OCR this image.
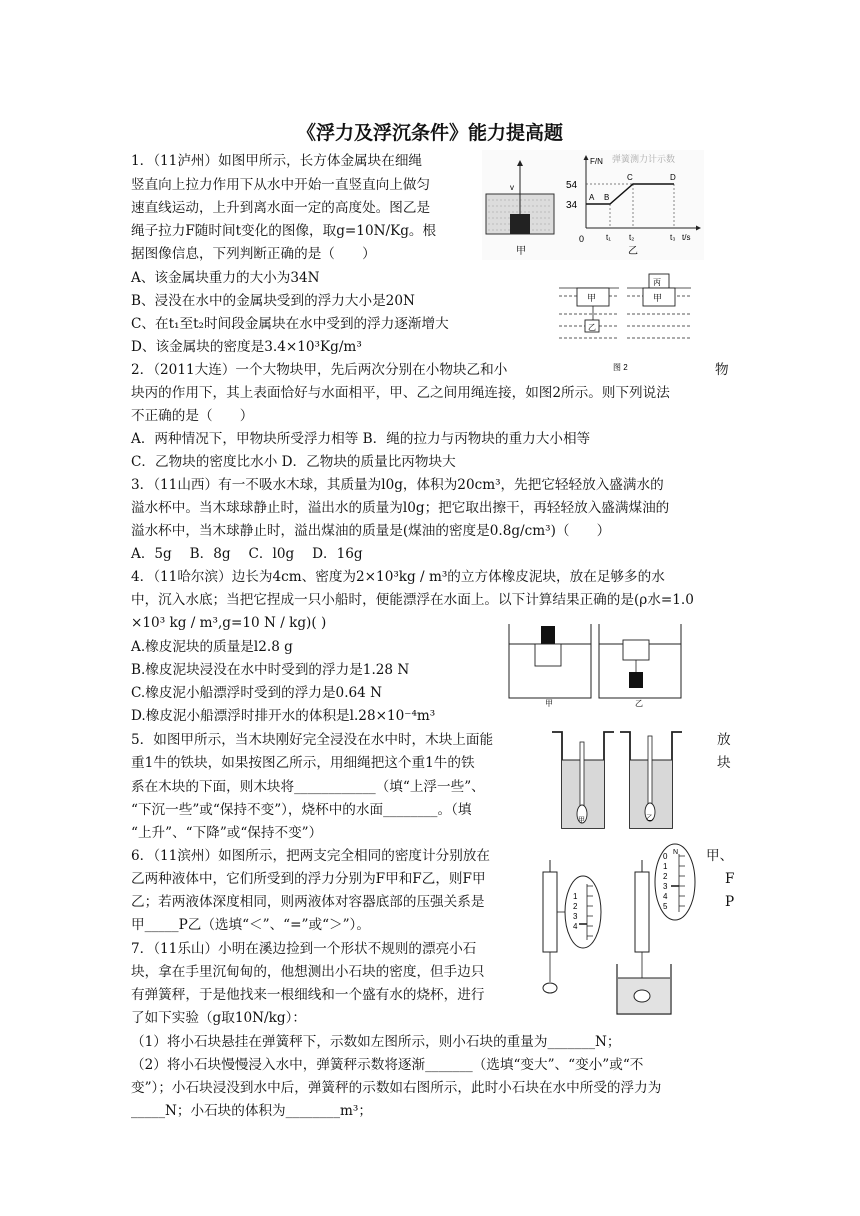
《浮力及浮沉条件》能力提高题
1．（11泸州）如图甲所示，长方体金属块在细绳
竖直向上拉力作用下从水中开始一直竖直向上做匀
速直线运动，上升到离水面一定的高度处。图乙是
绳子拉力F随时间t变化的图像，取g=10N/Kg。根
据图像信息，下列判断正确的是（　　）
A、该金属块重力的大小为34N
B、浸没在水中的金属块受到的浮力大小是20N
C、在t₁至t₂时间段金属块在水中受到的浮力逐渐增大
D、该金属块的密度是3.4×10³Kg/m³
2．（2011大连）一个大物块甲，先后两次分别在小物块乙和小
块丙的作用下，其上表面恰好与水面相平，甲、乙之间用绳连接，如图2所示。则下列说法
不正确的是（　　）
A．两种情况下，甲物块所受浮力相等 B．绳的拉力与丙物块的重力大小相等
C．乙物块的密度比水小 D．乙物块的质量比丙物块大
3．（11山西）有一不吸水木球，其质量为l0g，体积为20cm³，先把它轻轻放入盛满水的
溢水杯中。当木球球静止时，溢出水的质量为l0g；把它取出擦干，再轻轻放入盛满煤油的
溢水杯中，当木球静止时，溢出煤油的质量是(煤油的密度是0.8g/cm³)（　　）
A．5g　 B．8g　 C．l0g　 D．16g
4．（11哈尔滨）边长为4cm、密度为2×10³kg / m³的立方体橡皮泥块，放在足够多的水
中，沉入水底；当把它捏成一只小船时，便能漂浮在水面上。以下计算结果正确的是(ρ水=1.0
×10³ kg / m³,g=10 N / kg)( )
A.橡皮泥块的质量是l2.8 g
B.橡皮泥块浸没在水中时受到的浮力是1.28 N
C.橡皮泥小船漂浮时受到的浮力是0.64 N
D.橡皮泥小船漂浮时排开水的体积是l.28×10⁻⁴m³
5．如图甲所示，当木块刚好完全浸没在水中时，木块上面能
重1牛的铁块，如果按图乙所示，用细绳把这个重1牛的铁
系在木块的下面，则木块将____________（填“上浮一些”、
“下沉一些”或“保持不变”），烧杯中的水面________。（填
“上升”、“下降”或“保持不变”）
6．（11滨州）如图所示，把两支完全相同的密度计分别放在
乙两种液体中，它们所受到的浮力分别为F甲和F乙，则F甲
乙；若两液体深度相同，则两液体对容器底部的压强关系是
甲_____P乙（选填“＜”、“=”或“＞”）。
7．（11乐山）小明在溪边捡到一个形状不规则的漂亮小石
块，拿在手里沉甸甸的，他想测出小石块的密度，但手边只
有弹簧秤，于是他找来一根细线和一个盛有水的烧杯，进行
了如下实验（g取10N/kg）：
（1）将小石块悬挂在弹簧秤下，示数如左图所示，则小石块的重量为_______N；
（2）将小石块慢慢浸入水中，弹簧秤示数将逐渐_______（选填“变大”、“变小”或“不
变”）；小石块浸没到水中后，弹簧秤的示数如右图所示，此时小石块在水中所受的浮力为
_____N；小石块的体积为________m³；
物
放
块
甲、
F
P
v
甲
弹簧测力计示数
F/N
t/s
54
34
0
A B
C	D
t₁ t₂	t₃
乙
甲
乙
丙
甲
图 2
甲	乙
甲	乙
1
2
3
4
N
0
1
2
3
4
5
